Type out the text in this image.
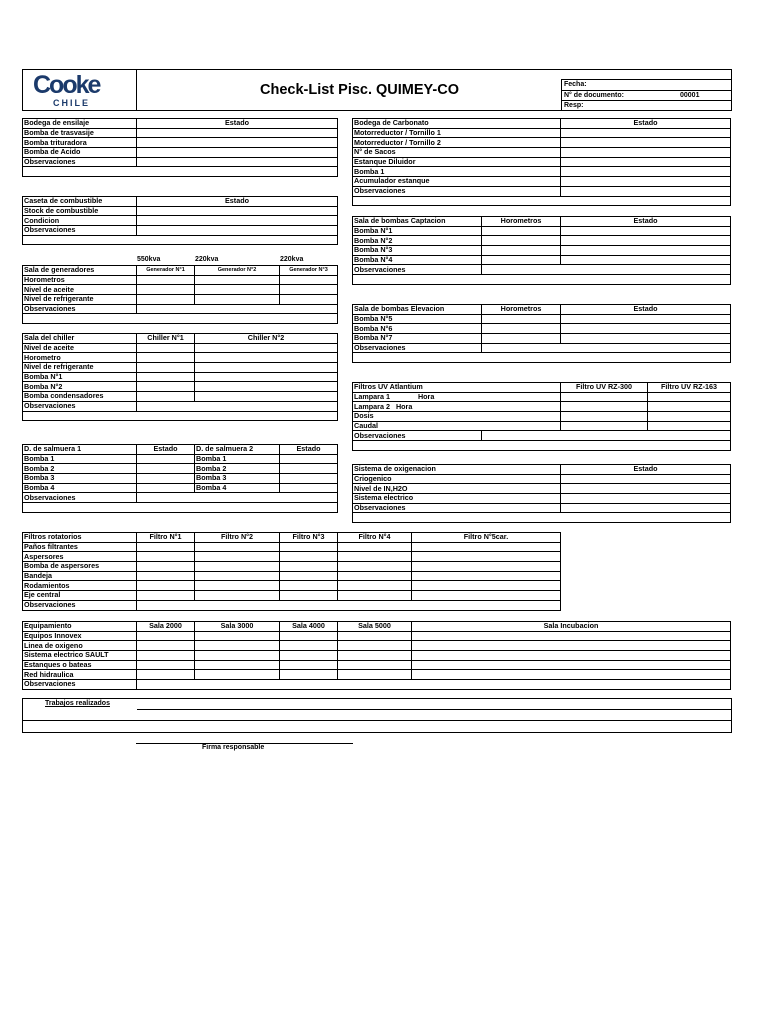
Cooke
CHILE
Check-List Pisc. QUIMEY-CO	Fecha:
N° de documento:	00001
Resp:
Bodega de ensilaje	Estado
Bomba de trasvasije	
Bomba trituradora	
Bomba de Acido	
Observaciones	

Caseta de combustible	Estado
Stock de combustible	
Condicion	
Observaciones	

550kva	220kva	220kva
Sala de generadores	Generador N°1	Generador N°2	Generador N°3
Horometros			
Nivel de aceite			
Nivel de refrigerante			
Observaciones			

Sala del chiller	Chiller N°1	Chiller N°2
Nivel de aceite		
Horometro		
Nivel de refrigerante		
Bomba N°1		
Bomba N°2		
Bomba condensadores		
Observaciones		

D. de salmuera 1	Estado	D. de salmuera 2	Estado
Bomba 1		Bomba 1	
Bomba 2		Bomba 2	
Bomba 3		Bomba 3	
Bomba 4		Bomba 4	
Observaciones			

Bodega de Carbonato	Estado
Motorreductor / Tornillo 1	
Motorreductor / Tornillo 2	
N° de Sacos	
Estanque Diluidor	
Bomba 1	
Acumulador estanque	
Observaciones	

Sala de bombas Captacion	Horometros	Estado
Bomba N°1		
Bomba N°2		
Bomba N°3		
Bomba N°4		
Observaciones		

Sala de bombas Elevacion	Horometros	Estado
Bomba N°5		
Bomba N°6		
Bomba N°7		
Observaciones		

Filtros UV Atlantium		Filtro UV RZ-300	Filtro UV RZ-163
Lampara 1 Hora			
Lampara 2 Hora			
Dosis			
Caudal			
Observaciones			

Sistema de oxigenacion	Estado
Criogenico	
Nivel de IN,H2O	
Sistema electrico	
Observaciones	

Filtros rotatorios	Filtro N°1	Filtro N°2	Filtro N°3	Filtro N°4	Filtro N°5car.
Paños filtrantes					
Aspersores					
Bomba de aspersores					
Bandeja					
Rodamientos					
Eje central					
Observaciones					
Equipamiento	Sala 2000	Sala 3000	Sala 4000	Sala 5000	Sala Incubacion
Equipos Innovex					
Linea de oxigeno					
Sistema electrico SAULT					
Estanques o bateas					
Red hidraulica					
Observaciones					
Trabajos realizados
Firma responsable
